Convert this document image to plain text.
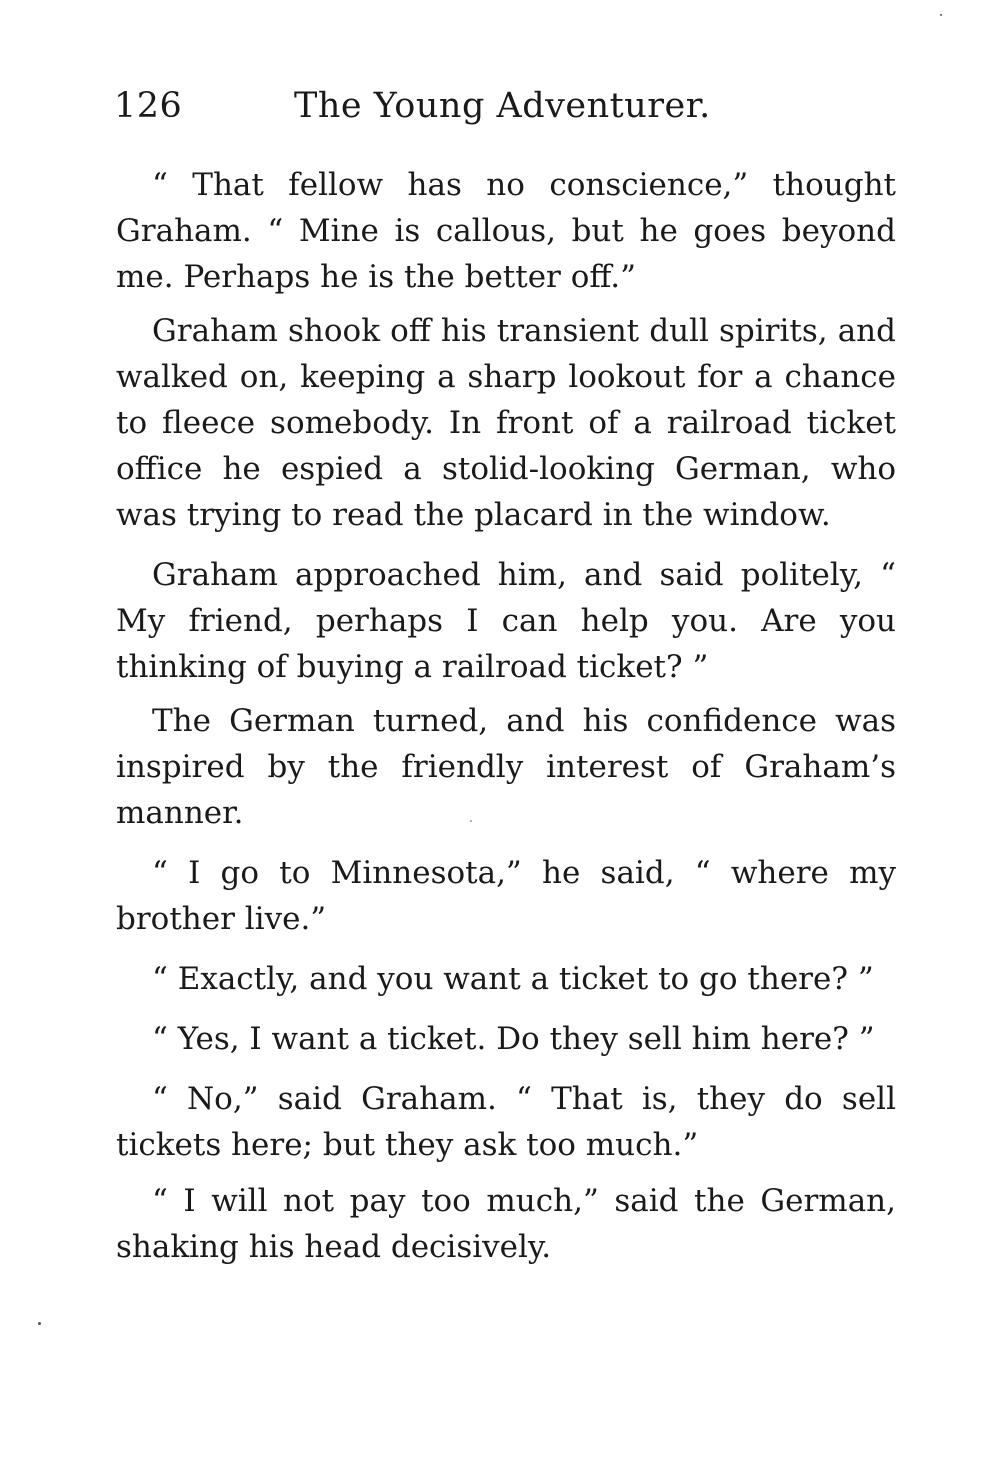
126	The Young Adventurer.

“ That fellow has no conscience,” thought Graham. “ Mine is callous, but he goes beyond me. Perhaps he is the better off.”

Graham shook off his transient dull spirits, and walked on, keeping a sharp lookout for a chance to fleece somebody. In front of a railroad ticket office he espied a stolid-looking German, who was trying to read the placard in the window.

Graham approached him, and said politely, “ My friend, perhaps I can help you. Are you thinking of buying a railroad ticket? ”

The German turned, and his confidence was inspired by the friendly interest of Graham’s manner.

“ I go to Minnesota,” he said, “ where my brother live.”

“ Exactly, and you want a ticket to go there? ”

“ Yes, I want a ticket. Do they sell him here? ”

“ No,” said Graham. “ That is, they do sell tickets here; but they ask too much.”

“ I will not pay too much,” said the German, shaking his head decisively.
